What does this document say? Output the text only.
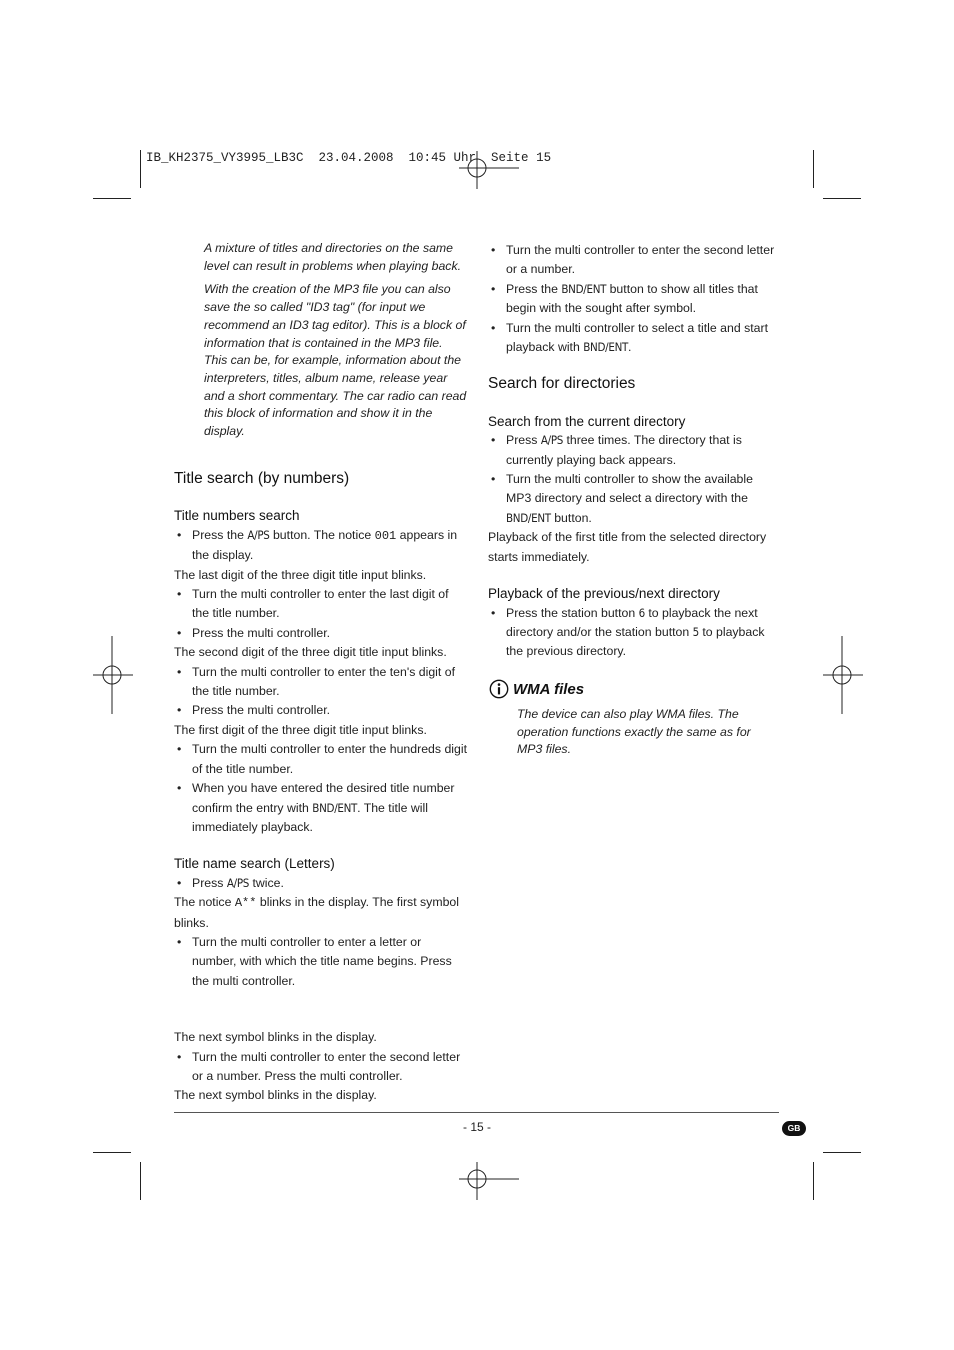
IB_KH2375_VY3995_LB3C  23.04.2008  10:45 Uhr  Seite 15

A mixture of titles and directories on the same level can result in problems when playing back.

With the creation of the MP3 file you can also save the so called "ID3 tag" (for input we recommend an ID3 tag editor). This is a block of information that is contained in the MP3 file. This can be, for example, information about the interpreters, titles, album name, release year and a short commentary. The car radio can read this block of information and show it in the display.

Title search (by numbers)
Title numbers search
• Press the A/PS button. The notice 001 appears in the display.

The last digit of the three digit title input blinks.

• Turn the multi controller to enter the last digit of the title number.
• Press the multi controller.

The second digit of the three digit title input blinks.

• Turn the multi controller to enter the ten's digit of the title number.
• Press the multi controller.

The first digit of the three digit title input blinks.

• Turn the multi controller to enter the hundreds digit of the title number.
• When you have entered the desired title number confirm the entry with BND/ENT. The title will immediately playback.
Title name search (Letters)
• Press A/PS twice.

The notice A** blinks in the display. The first symbol blinks.

• Turn the multi controller to enter a letter or number, with which the title name begins. Press the multi controller.

The next symbol blinks in the display.

• Turn the multi controller to enter the second letter or a number. Press the multi controller.

The next symbol blinks in the display.

• Turn the multi controller to enter the second letter or a number.
• Press the BND/ENT button to show all titles that begin with the sought after symbol.
• Turn the multi controller to select a title and start playback with BND/ENT.
Search for directories
Search from the current directory
• Press A/PS three times. The directory that is currently playing back appears.
• Turn the multi controller to show the available MP3 directory and select a directory with the BND/ENT button.

Playback of the first title from the selected directory starts immediately.

Playback of the previous/next directory
• Press the station button 6 to playback the next directory and/or the station button 5 to playback the previous directory.
WMA files
The device can also play WMA files. The operation functions exactly the same as for MP3 files.
- 15 -	GB
